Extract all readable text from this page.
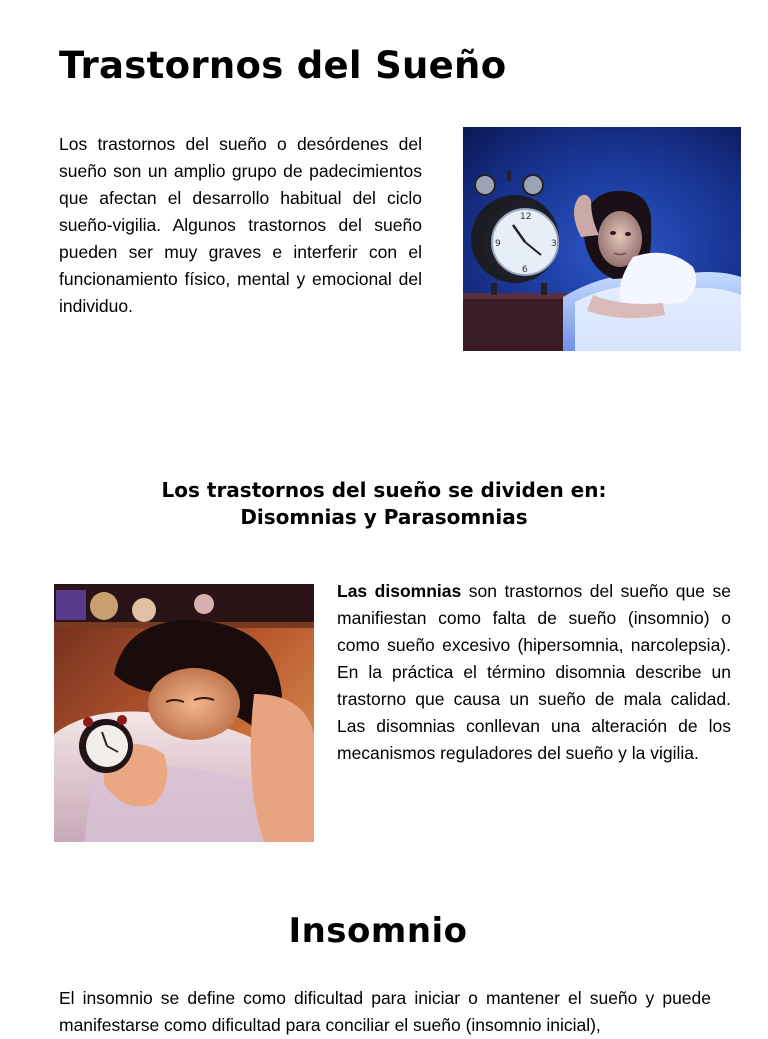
Trastornos del Sueño

Los trastornos del sueño o desórdenes del sueño son un amplio grupo de padecimientos que afectan el desarrollo habitual del ciclo sueño-vigilia. Algunos trastornos del sueño pueden ser muy graves e interferir con el funcionamiento físico, mental y emocional del individuo.

12
3
6
9
Los trastornos del sueño se dividen en:
Disomnias y Parasomnias

Las disomnias son trastornos del sueño que se manifiestan como falta de sueño (insomnio) o como sueño excesivo (hipersomnia, narcolepsia). En la práctica el término disomnia describe un trastorno que causa un sueño de mala calidad. Las disomnias conllevan una alteración de los mecanismos reguladores del sueño y la vigilia.

Insomnio

El insomnio se define como dificultad para iniciar o mantener el sueño y puede manifestarse como dificultad para conciliar el sueño (insomnio inicial),
